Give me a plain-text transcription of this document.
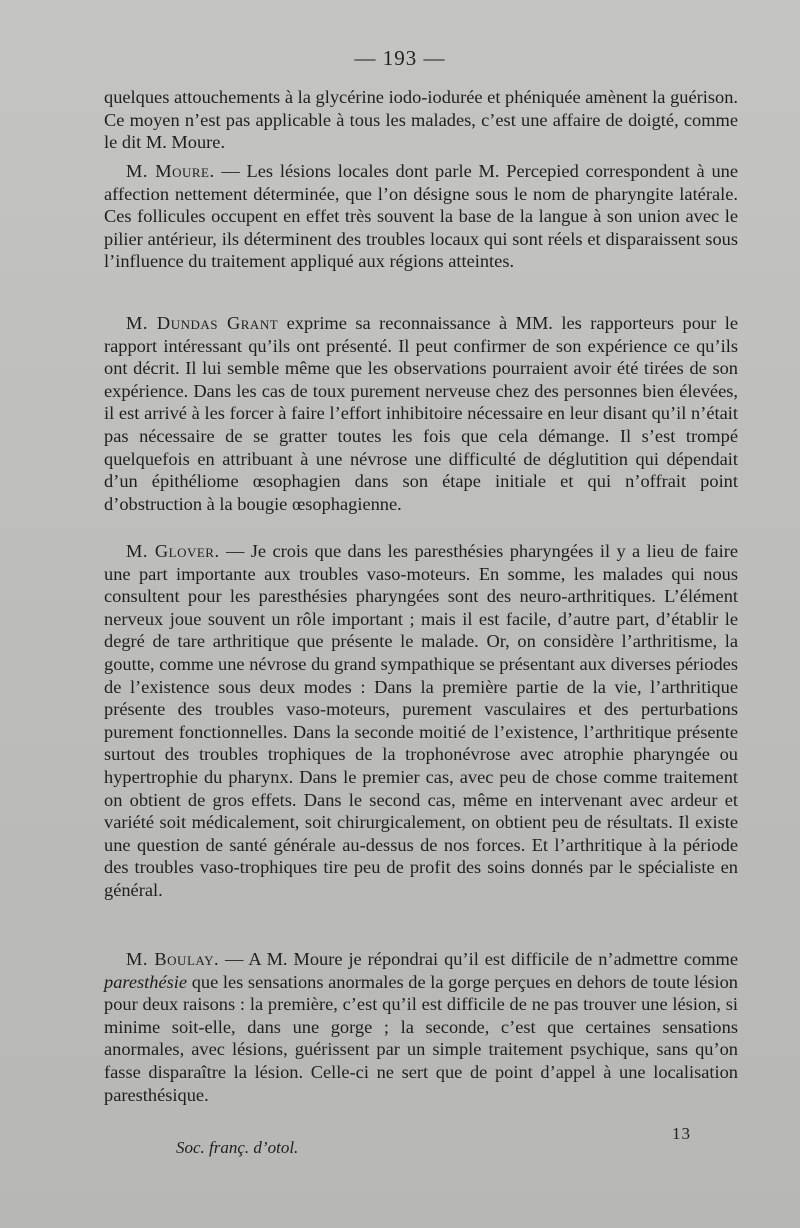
— 193 —

quelques attouchements à la glycérine iodo-iodurée et phéniquée amènent la guérison. Ce moyen n’est pas applicable à tous les malades, c’est une affaire de doigté, comme le dit M. Moure.

M. Moure. — Les lésions locales dont parle M. Percepied correspondent à une affection nettement déterminée, que l’on désigne sous le nom de pharyngite latérale. Ces follicules occupent en effet très souvent la base de la langue à son union avec le pilier antérieur, ils déterminent des troubles locaux qui sont réels et disparaissent sous l’influence du traitement appliqué aux régions atteintes.

M. Dundas Grant exprime sa reconnaissance à MM. les rapporteurs pour le rapport intéressant qu’ils ont présenté. Il peut confirmer de son expérience ce qu’ils ont décrit. Il lui semble même que les observations pourraient avoir été tirées de son expérience. Dans les cas de toux purement nerveuse chez des personnes bien élevées, il est arrivé à les forcer à faire l’effort inhibitoire nécessaire en leur disant qu’il n’était pas nécessaire de se gratter toutes les fois que cela démange. Il s’est trompé quelquefois en attribuant à une névrose une difficulté de déglutition qui dépendait d’un épithéliome œsophagien dans son étape initiale et qui n’offrait point d’obstruction à la bougie œsophagienne.

M. Glover. — Je crois que dans les paresthésies pharyngées il y a lieu de faire une part importante aux troubles vaso-moteurs. En somme, les malades qui nous consultent pour les paresthésies pharyngées sont des neuro-arthritiques. L’élément nerveux joue souvent un rôle important ; mais il est facile, d’autre part, d’établir le degré de tare arthritique que présente le malade. Or, on considère l’arthritisme, la goutte, comme une névrose du grand sympathique se présentant aux diverses périodes de l’existence sous deux modes : Dans la première partie de la vie, l’arthritique présente des troubles vaso-moteurs, purement vasculaires et des perturbations purement fonctionnelles. Dans la seconde moitié de l’existence, l’arthritique présente surtout des troubles trophiques de la trophonévrose avec atrophie pharyngée ou hypertrophie du pharynx. Dans le premier cas, avec peu de chose comme traitement on obtient de gros effets. Dans le second cas, même en intervenant avec ardeur et variété soit médicalement, soit chirurgicalement, on obtient peu de résultats. Il existe une question de santé générale au-dessus de nos forces. Et l’arthritique à la période des troubles vaso-trophiques tire peu de profit des soins donnés par le spécialiste en général.

M. Boulay. — A M. Moure je répondrai qu’il est difficile de n’admettre comme paresthésie que les sensations anormales de la gorge perçues en dehors de toute lésion pour deux raisons : la première, c’est qu’il est difficile de ne pas trouver une lésion, si minime soit-elle, dans une gorge ; la seconde, c’est que certaines sensations anormales, avec lésions, guérissent par un simple traitement psychique, sans qu’on fasse disparaître la lésion. Celle-ci ne sert que de point d’appel à une localisation paresthésique.

Soc. franç. d’otol.
13
